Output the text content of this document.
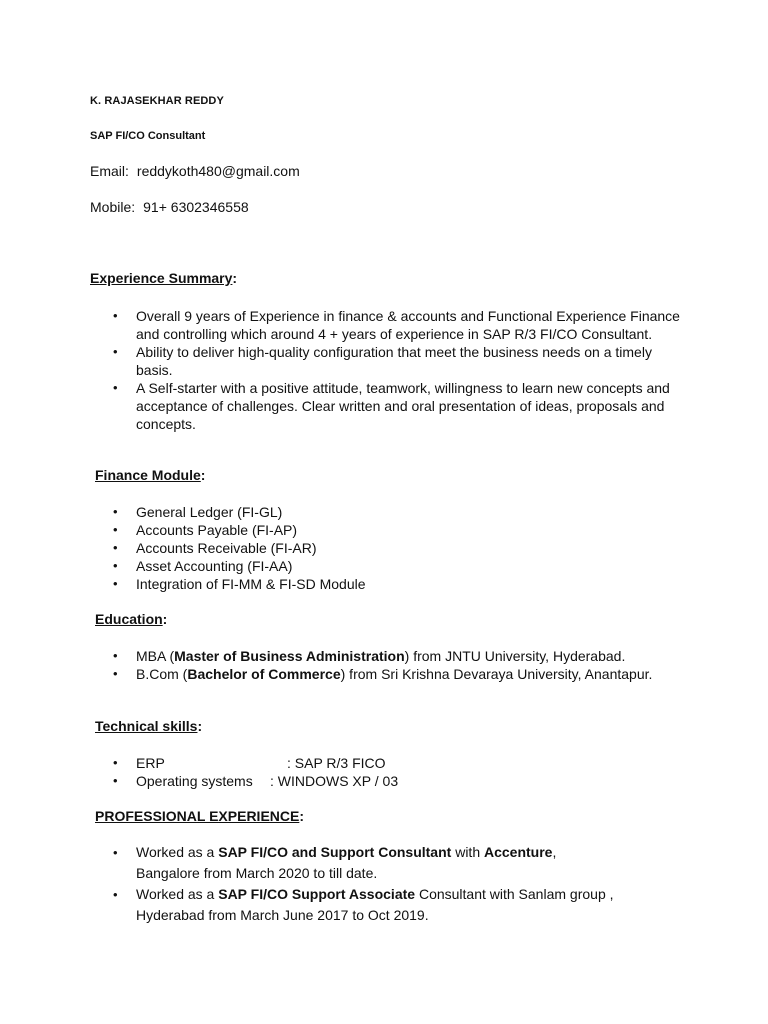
K. RAJASEKHAR REDDY
SAP FI/CO Consultant
Email: reddykoth480@gmail.com
Mobile: 91+ 6302346558
Experience Summary:
• Overall 9 years of Experience in finance & accounts and Functional Experience Finance and controlling which around 4 + years of experience in SAP R/3 FI/CO Consultant.
• Ability to deliver high-quality configuration that meet the business needs on a timely basis.
• A Self-starter with a positive attitude, teamwork, willingness to learn new concepts and acceptance of challenges. Clear written and oral presentation of ideas, proposals and concepts.
Finance Module:
• General Ledger (FI-GL)
• Accounts Payable (FI-AP)
• Accounts Receivable (FI-AR)
• Asset Accounting (FI-AA)
• Integration of FI-MM & FI-SD Module
Education:
• MBA (Master of Business Administration) from JNTU University, Hyderabad.
• B.Com (Bachelor of Commerce) from Sri Krishna Devaraya University, Anantapur.
Technical skills:
• ERP	: SAP R/3 FICO
• Operating systems : WINDOWS XP / 03
PROFESSIONAL EXPERIENCE:
• Worked as a SAP FI/CO and Support Consultant with Accenture,
Bangalore from March 2020 to till date.
• Worked as a SAP FI/CO Support Associate Consultant with Sanlam group ,
Hyderabad from March June 2017 to Oct 2019.
